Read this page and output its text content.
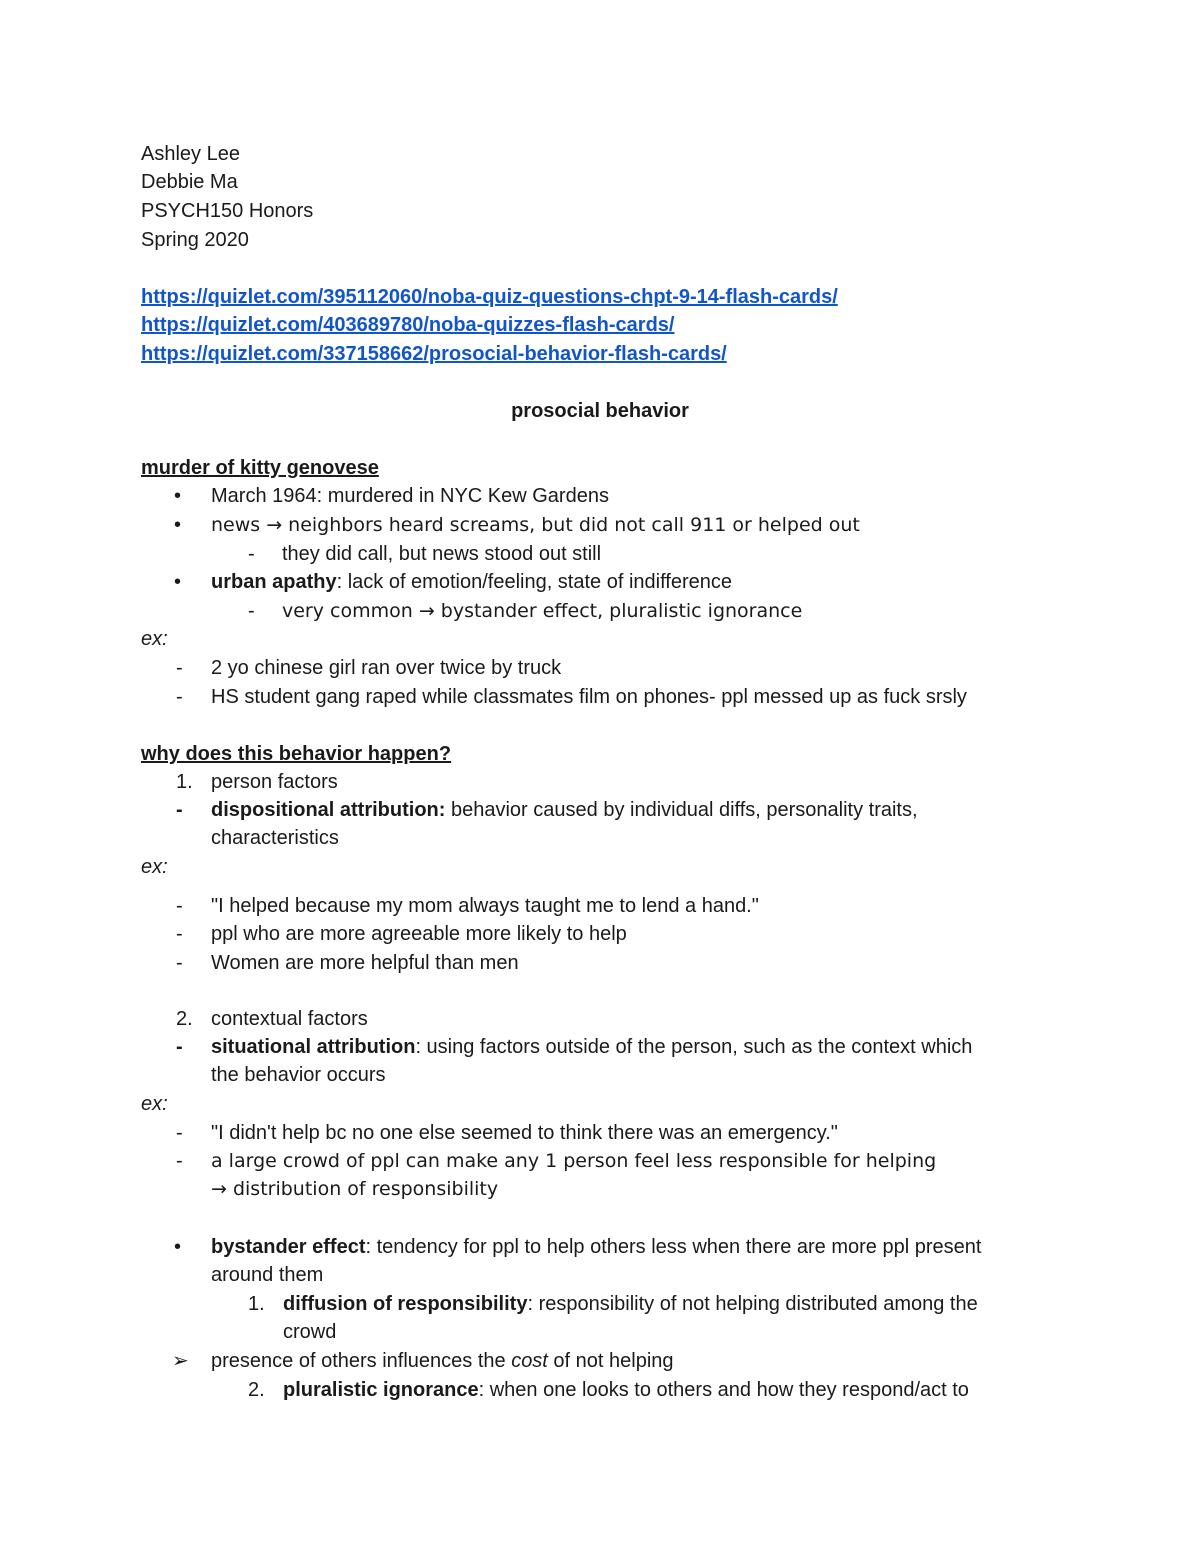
Ashley Lee
Debbie Ma
PSYCH150 Honors
Spring 2020
https://quizlet.com/395112060/noba-quiz-questions-chpt-9-14-flash-cards/
https://quizlet.com/403689780/noba-quizzes-flash-cards/
https://quizlet.com/337158662/prosocial-behavior-flash-cards/
prosocial behavior
murder of kitty genovese
• March 1964: murdered in NYC Kew Gardens
• news → neighbors heard screams, but did not call 911 or helped out
- they did call, but news stood out still
• urban apathy: lack of emotion/feeling, state of indifference
- very common → bystander effect, pluralistic ignorance
ex:
- 2 yo chinese girl ran over twice by truck
- HS student gang raped while classmates film on phones- ppl messed up as fuck srsly
why does this behavior happen?
1. person factors
- dispositional attribution: behavior caused by individual diffs, personality traits,
characteristics
ex:
- "I helped because my mom always taught me to lend a hand."
- ppl who are more agreeable more likely to help
- Women are more helpful than men
2. contextual factors
- situational attribution: using factors outside of the person, such as the context which
the behavior occurs
ex:
- "I didn't help bc no one else seemed to think there was an emergency."
- a large crowd of ppl can make any 1 person feel less responsible for helping
→ distribution of responsibility
• bystander effect: tendency for ppl to help others less when there are more ppl present
around them
1. diffusion of responsibility: responsibility of not helping distributed among the
crowd
➢ presence of others influences the cost of not helping
2. pluralistic ignorance: when one looks to others and how they respond/act to
